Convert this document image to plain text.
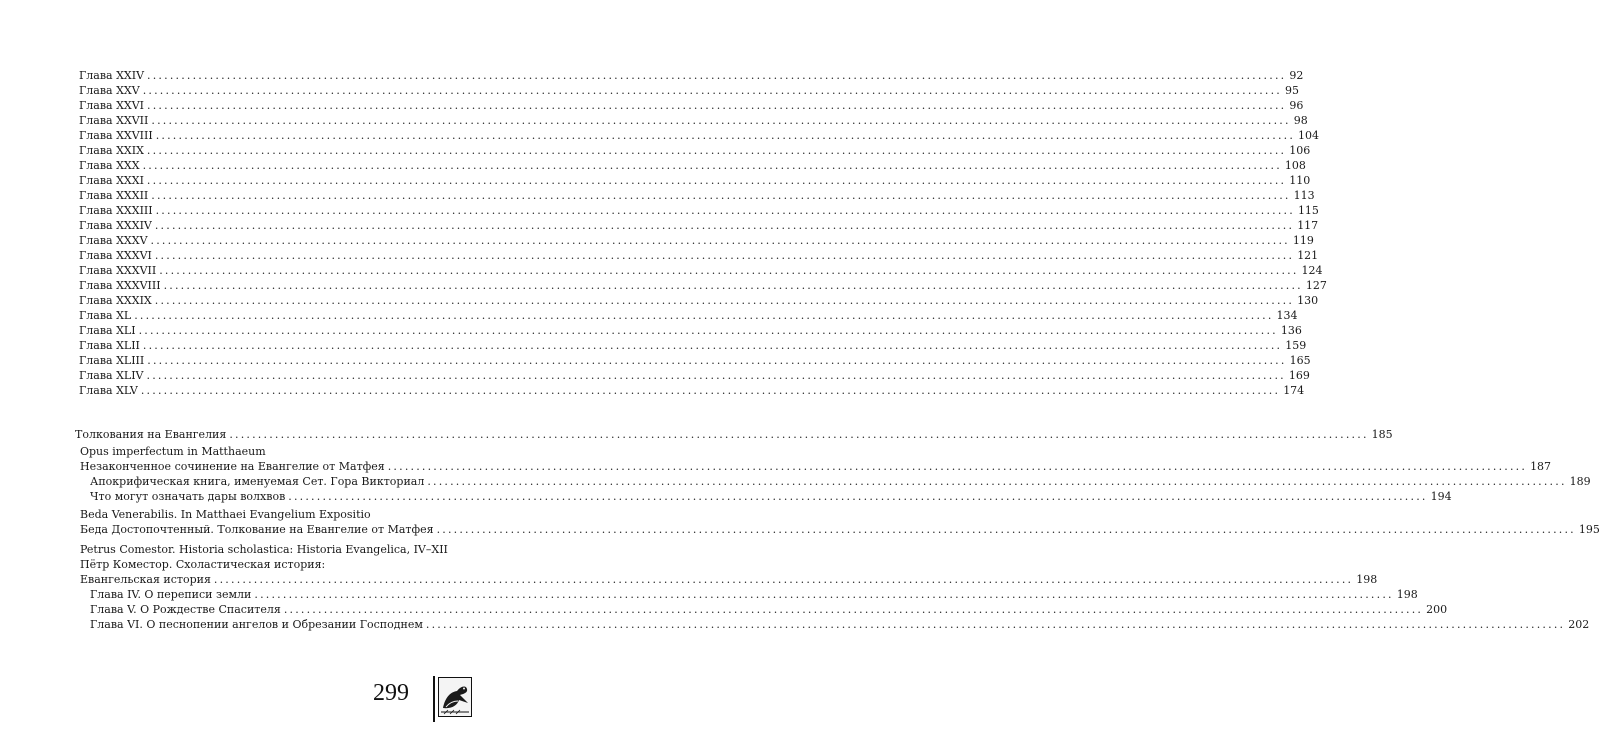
Глава XXIV ........................................................................................................................................................................................................ 92
Глава XXV ........................................................................................................................................................................................................ 95
Глава XXVI ........................................................................................................................................................................................................ 96
Глава XXVII ........................................................................................................................................................................................................ 98
Глава XXVIII ........................................................................................................................................................................................................ 104
Глава XXIX ........................................................................................................................................................................................................ 106
Глава XXX ........................................................................................................................................................................................................ 108
Глава XXXI ........................................................................................................................................................................................................ 110
Глава XXXII ........................................................................................................................................................................................................ 113
Глава XXXIII ........................................................................................................................................................................................................ 115
Глава XXXIV ........................................................................................................................................................................................................ 117
Глава XXXV ........................................................................................................................................................................................................ 119
Глава XXXVI ........................................................................................................................................................................................................ 121
Глава XXXVII ........................................................................................................................................................................................................ 124
Глава XXXVIII ........................................................................................................................................................................................................ 127
Глава XXXIX ........................................................................................................................................................................................................ 130
Глава XL ........................................................................................................................................................................................................ 134
Глава XLI ........................................................................................................................................................................................................ 136
Глава XLII ........................................................................................................................................................................................................ 159
Глава XLIII ........................................................................................................................................................................................................ 165
Глава XLIV ........................................................................................................................................................................................................ 169
Глава XLV ........................................................................................................................................................................................................ 174
Толкования на Евангелия ........................................................................................................................................................................................................ 185
Opus imperfectum in Matthaeum
Незаконченное сочинение на Евангелие от Матфея ........................................................................................................................................................................................................ 187
Апокрифическая книга, именуемая Сет. Гора Викториал ........................................................................................................................................................................................................ 189
Что могут означать дары волхвов ........................................................................................................................................................................................................ 194
Beda Venerabilis. In Matthaei Evangelium Expositio
Беда Достопочтенный. Толкование на Евангелие от Матфея ........................................................................................................................................................................................................ 195
Petrus Comestor. Historia scholastica: Historia Evangelica, IV–XII
Пётр Коместор. Схоластическая история:
Евангельская история ........................................................................................................................................................................................................ 198
Глава IV. О переписи земли ........................................................................................................................................................................................................ 198
Глава V. О Рождестве Спасителя ........................................................................................................................................................................................................ 200
Глава VI. О песнопении ангелов и Обрезании Господнем ........................................................................................................................................................................................................ 202
299
